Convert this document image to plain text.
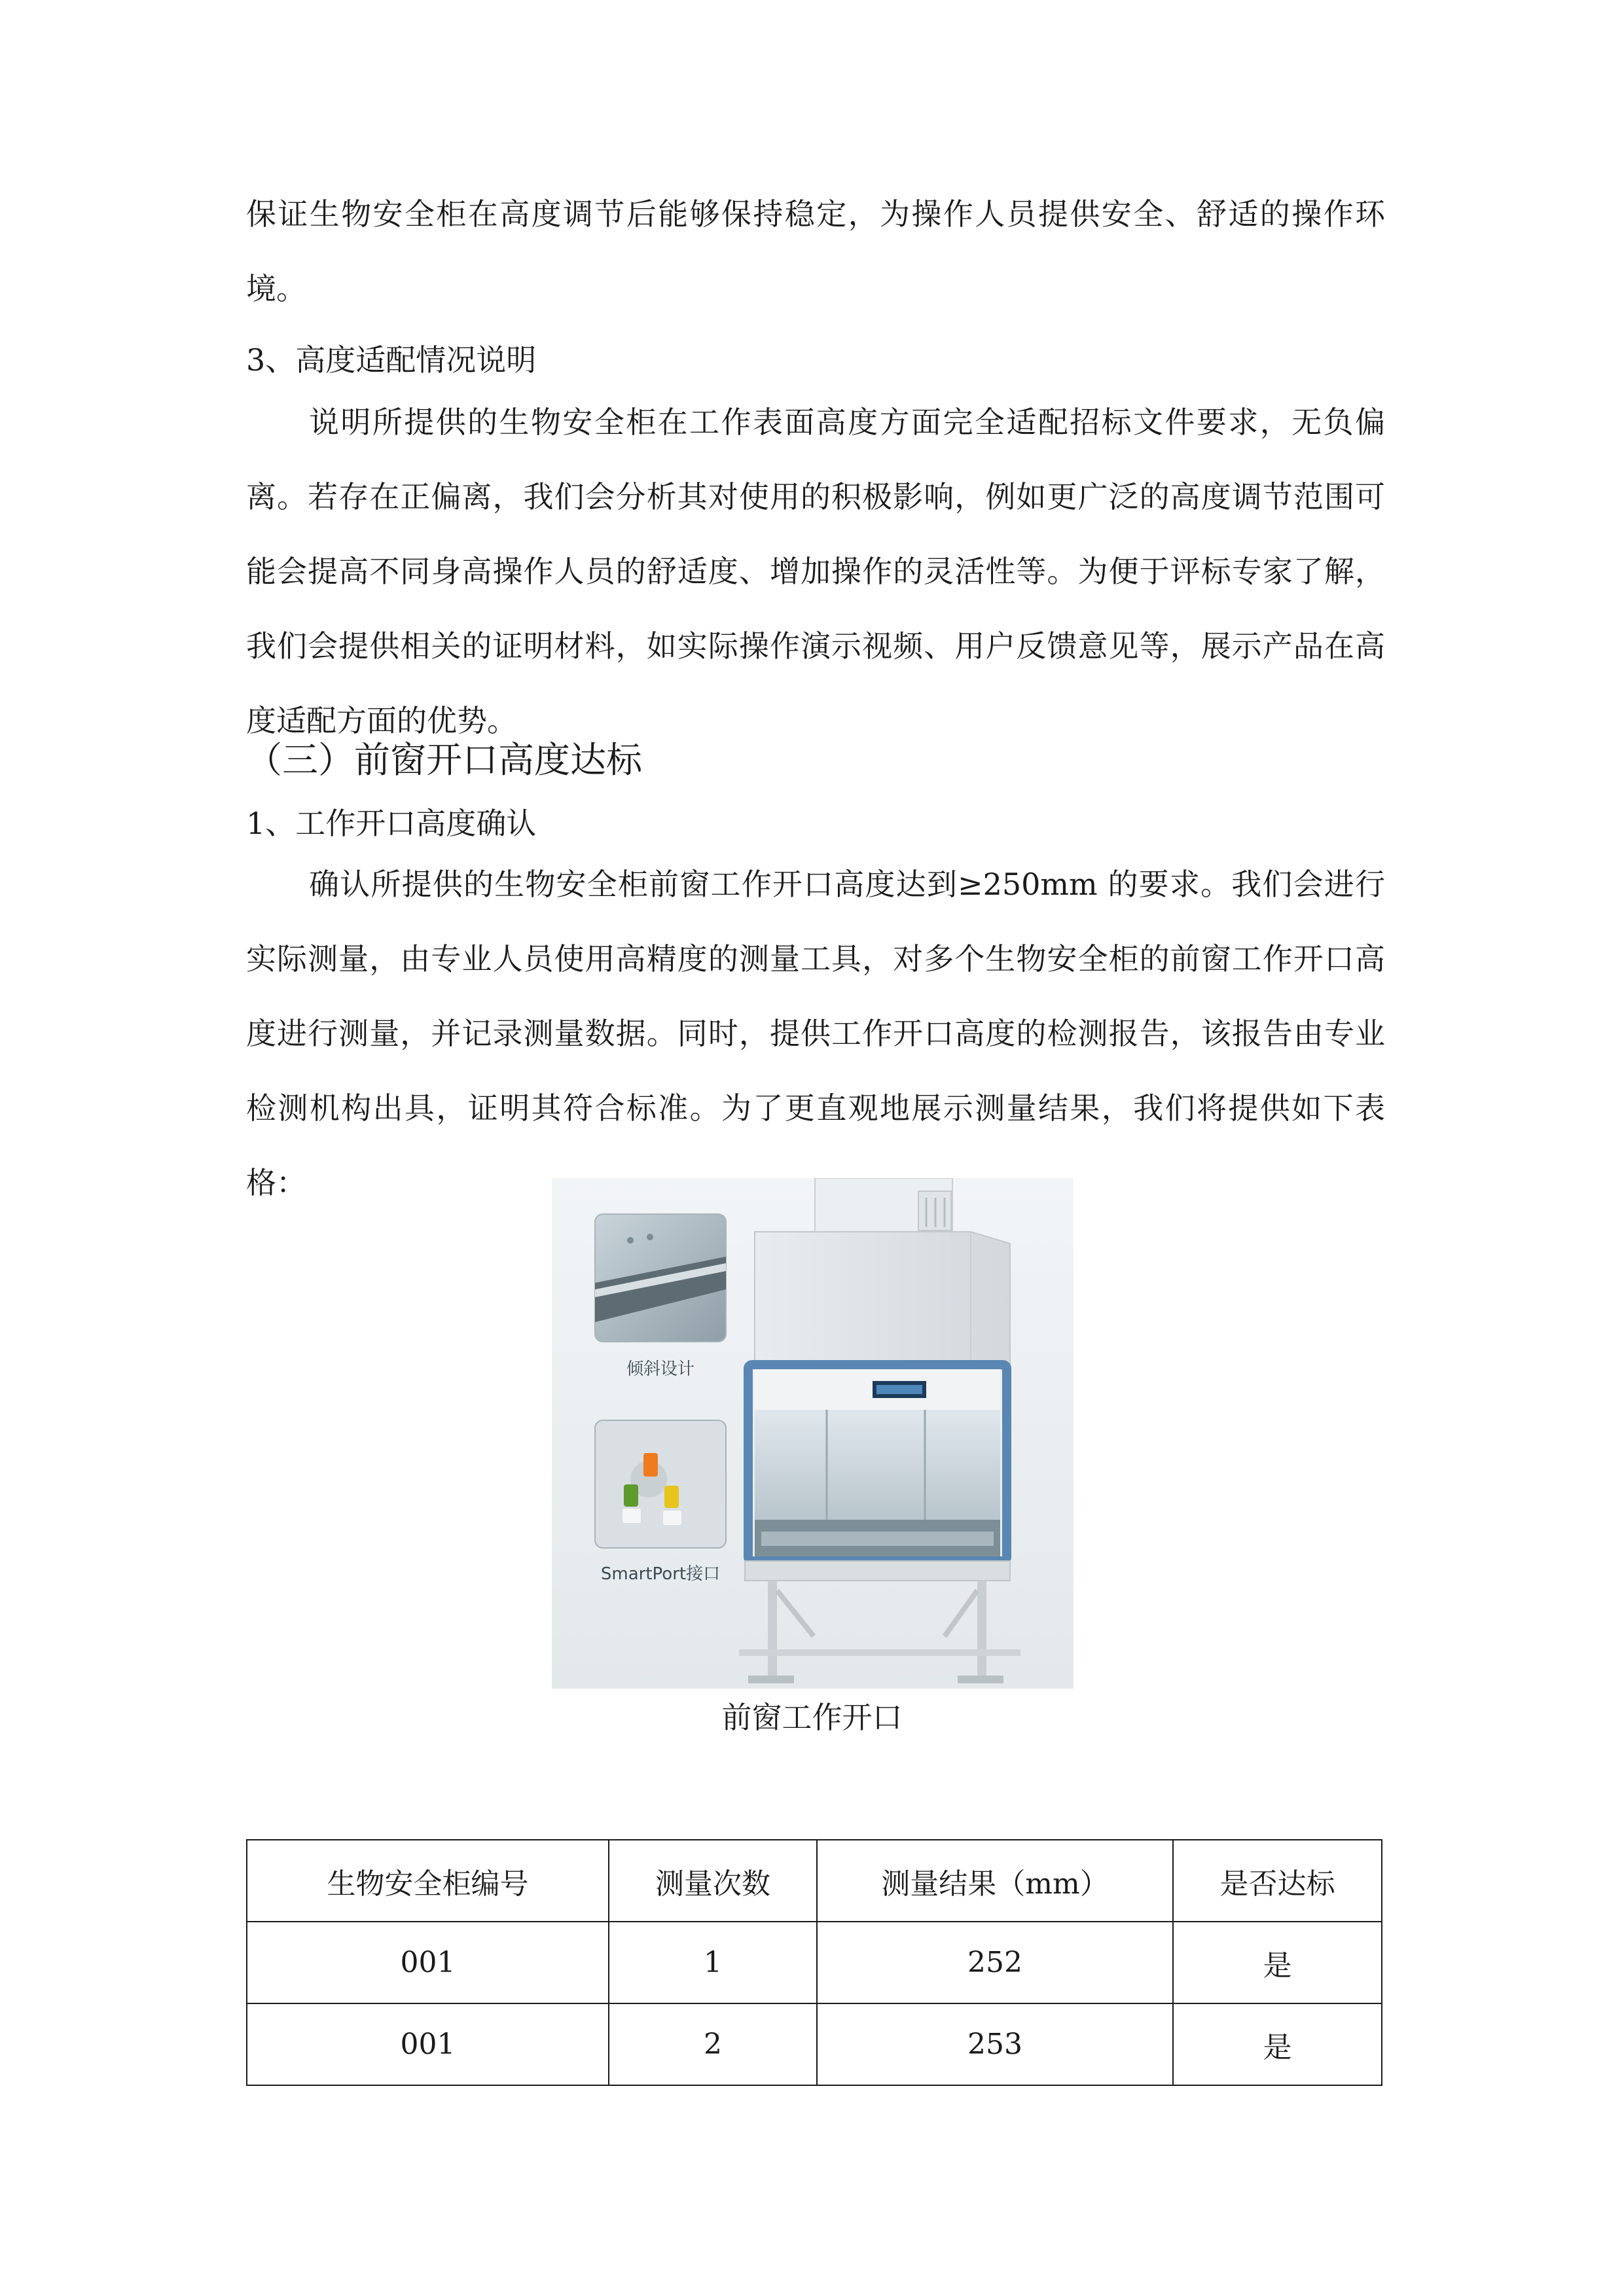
保证生物安全柜在高度调节后能够保持稳定，为操作人员提供安全、舒适的操作环境。

3、高度适配情况说明

说明所提供的生物安全柜在工作表面高度方面完全适配招标文件要求，无负偏离。若存在正偏离，我们会分析其对使用的积极影响，例如更广泛的高度调节范围可能会提高不同身高操作人员的舒适度、增加操作的灵活性等。为便于评标专家了解，我们会提供相关的证明材料，如实际操作演示视频、用户反馈意见等，展示产品在高度适配方面的优势。

（三）前窗开口高度达标

1、工作开口高度确认

确认所提供的生物安全柜前窗工作开口高度达到≥250mm 的要求。我们会进行实际测量，由专业人员使用高精度的测量工具，对多个生物安全柜的前窗工作开口高度进行测量，并记录测量数据。同时，提供工作开口高度的检测报告，该报告由专业检测机构出具，证明其符合标准。为了更直观地展示测量结果，我们将提供如下表格：

倾斜设计
SmartPort接口
前窗工作开口
生物安全柜编号	测量次数	测量结果（mm）	是否达标
001	1	252	是
001	2	253	是
